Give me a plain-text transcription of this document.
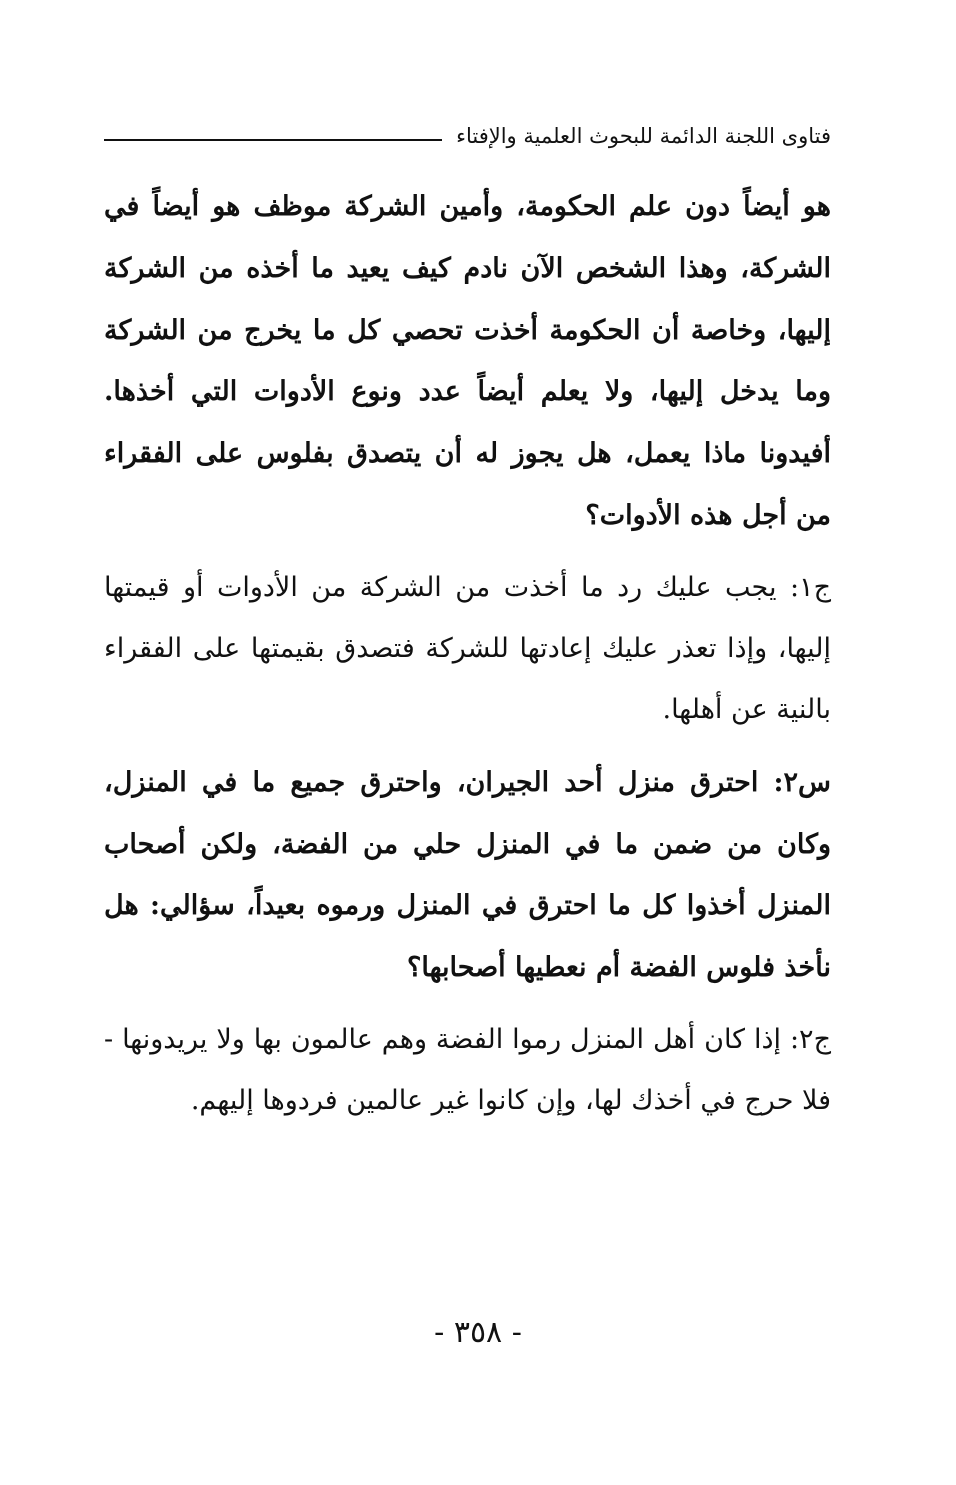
فتاوى اللجنة الدائمة للبحوث العلمية والإفتاء

هو أيضاً دون علم الحكومة، وأمين الشركة موظف هو أيضاً في الشركة، وهذا الشخص الآن نادم كيف يعيد ما أخذه من الشركة إليها، وخاصة أن الحكومة أخذت تحصي كل ما يخرج من الشركة وما يدخل إليها، ولا يعلم أيضاً عدد ونوع الأدوات التي أخذها. أفيدونا ماذا يعمل، هل يجوز له أن يتصدق بفلوس على الفقراء من أجل هذه الأدوات؟

ج١: يجب عليك رد ما أخذت من الشركة من الأدوات أو قيمتها إليها، وإذا تعذر عليك إعادتها للشركة فتصدق بقيمتها على الفقراء بالنية عن أهلها.

س٢: احترق منزل أحد الجيران، واحترق جميع ما في المنزل، وكان من ضمن ما في المنزل حلي من الفضة، ولكن أصحاب المنزل أخذوا كل ما احترق في المنزل ورموه بعيداً، سؤالي: هل نأخذ فلوس الفضة أم نعطيها أصحابها؟

ج٢: إذا كان أهل المنزل رموا الفضة وهم عالمون بها ولا يريدونها - فلا حرج في أخذك لها، وإن كانوا غير عالمين فردوها إليهم.

- ٣٥٨ -
